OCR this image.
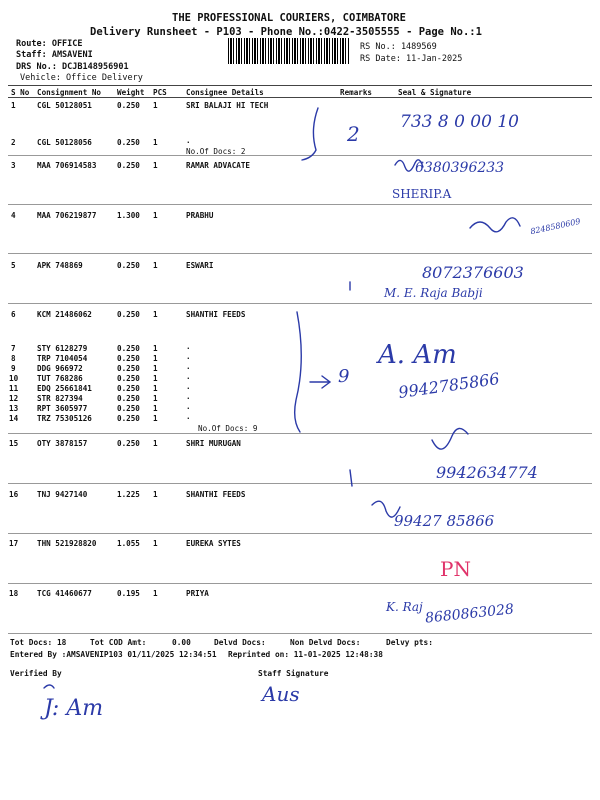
THE PROFESSIONAL COURIERS, COIMBATORE
Delivery Runsheet - P103 - Phone No.:0422-3505555 - Page No.:1
Route: OFFICE
Staff: AMSAVENI
DRS No.: DCJB148956901
Vehicle: Office Delivery
RS No.: 1489569
RS Date: 11-Jan-2025
S No Consignment No Weight PCS	Consignee Details	Remarks	Seal & Signature
1	CGL 50128051	0.250 1	SRI BALAJI HI TECH
2	CGL 50128056	0.250 1	.
No.Of Docs: 2
3	MAA 706914583	0.250 1	RAMAR ADVACATE
4	MAA 706219877	1.300 1	PRABHU
5	APK 748869	0.250 1	ESWARI
6	KCM 21486062	0.250 1	SHANTHI FEEDS
7	STY 6128279	0.250 1	.
8	TRP 7104054	0.250 1	.
9	DDG 966972	0.250 1	.
10 TUT 768286	0.250 1	.
11 EDQ 25661841	0.250 1	.
12 STR 827394	0.250 1	.
13 RPT 3605977	0.250 1	.
14 TRZ 75305126	0.250 1	.
No.Of Docs: 9
15 OTY 3878157	0.250 1	SHRI MURUGAN
16 TNJ 9427140	1.225 1	SHANTHI FEEDS
17 THN 521928820	1.055 1	EUREKA SYTES
18 TCG 41460677	0.195 1	PRIYA
2
9
733 8 0 00 10
6380396233
SHERIP.A
8248580609
8072376603
M. E. Raja Babji
A. Am
9942785866
9942634774
99427 85866
PN
K. Raj 8680863028
Tot Docs: 18	Tot COD Amt:	0.00	Delvd Docs:	Non Delvd Docs:	Delvy pts:
Entered By :AMSAVENIP103 01/11/2025 12:34:51 Reprinted on: 11-01-2025 12:48:38
Verified By	Staff Signature
J: Am
Aus
